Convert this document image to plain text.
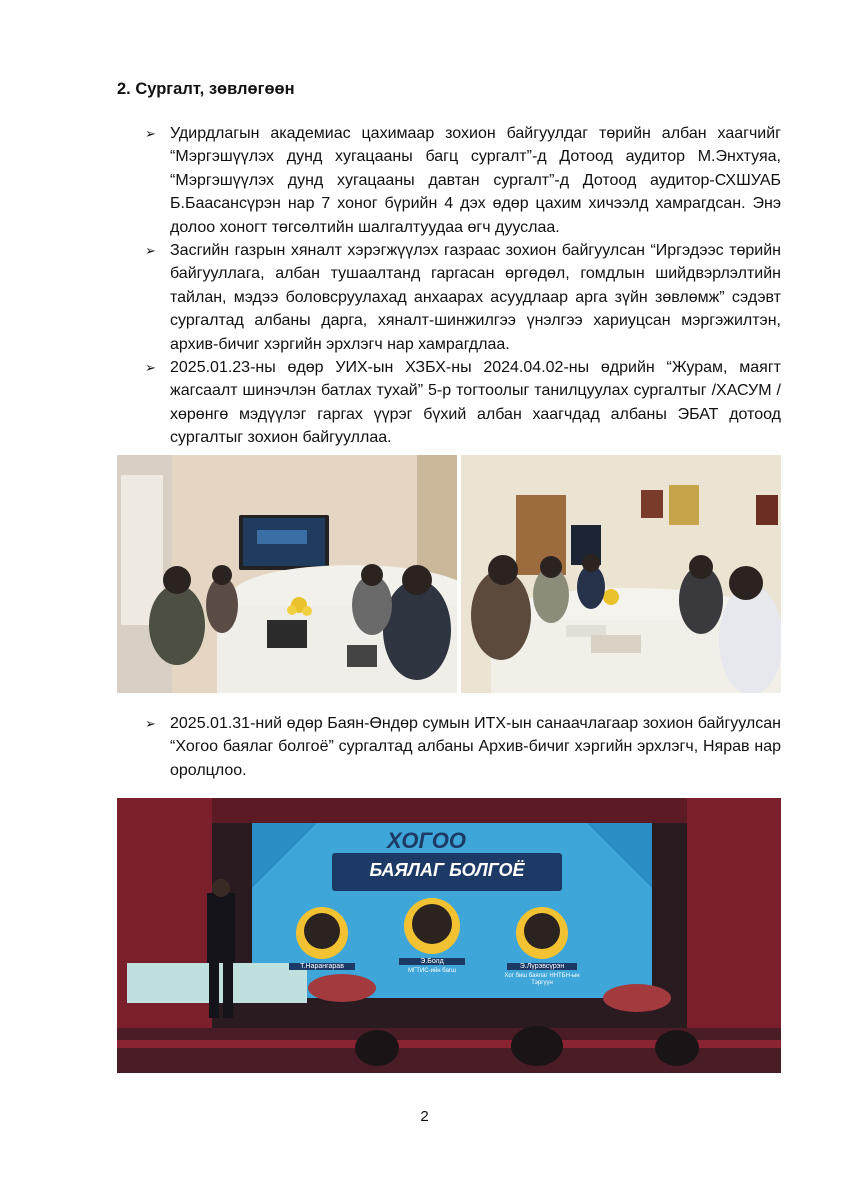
2. Сургалт, зөвлөгөөн
➢ Удирдлагын академиас цахимаар зохион байгуулдаг төрийн албан хаагчийг “Мэргэшүүлэх дунд хугацааны багц сургалт”-д Дотоод аудитор М.Энхтуяа, “Мэргэшүүлэх дунд хугацааны давтан сургалт”-д Дотоод аудитор-СХШУАБ Б.Баасансүрэн нар 7 хоног бүрийн 4 дэх өдөр цахим хичээлд хамрагдсан. Энэ долоо хоногт төгсөлтийн шалгалтуудаа өгч дууслаа.
➢ Засгийн газрын хяналт хэрэгжүүлэх газраас зохион байгуулсан “Иргэдээс төрийн байгууллага, албан тушаалтанд гаргасан өргөдөл, гомдлын шийдвэрлэлтийн тайлан, мэдээ боловсруулахад анхаарах асуудлаар арга зүйн зөвлөмж” сэдэвт сургалтад албаны дарга, хяналт-шинжилгээ үнэлгээ хариуцсан мэргэжилтэн, архив-бичиг хэргийн эрхлэгч нар хамрагдлаа.
➢ 2025.01.23-ны өдөр УИХ-ын ХЗБХ-ны 2024.04.02-ны өдрийн “Журам, маягт жагсаалт шинэчлэн батлах тухай” 5-р тогтоолыг танилцуулах сургалтыг /ХАСУМ /хөрөнгө мэдүүлэг гаргах үүрэг бүхий албан хаагчдад албаны ЭБАТ дотоод сургалтыг зохион байгууллаа.
➢ 2025.01.31-ний өдөр Баян-Өндөр сумын ИТХ-ын санаачлагаар зохион байгуулсан “Хогоо баялаг болгоё” сургалтад албаны Архив-бичиг хэргийн эрхлэгч, Нярав нар оролцлоо.
ХОГОО
БАЯЛАГ БОЛГОЁ
Т.Нарангарав
Э.Болд
МГТИС-ийн багш
Э.Лүрэвсүрэн
Хог биш баялаг ННТБН-ын Тэргүүн
2
